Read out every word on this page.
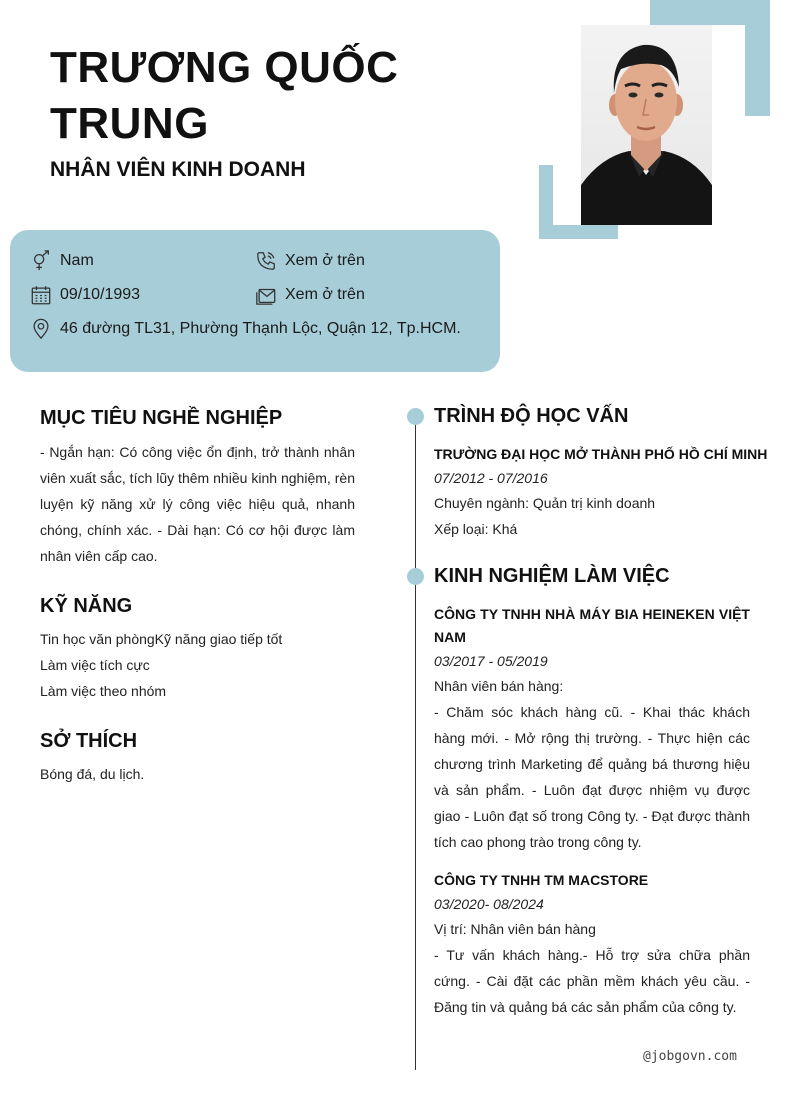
TRƯƠNG QUỐC TRUNG
NHÂN VIÊN KINH DOANH
Nam
09/10/1993
46 đường TL31, Phường Thạnh Lộc, Quận 12, Tp.HCM.
Xem ở trên
Xem ở trên
MỤC TIÊU NGHỀ NGHIỆP
- Ngắn hạn: Có công việc ổn định, trở thành nhân viên xuất sắc, tích lũy thêm nhiều kinh nghiệm, rèn luyện kỹ năng xử lý công việc hiệu quả, nhanh chóng, chính xác. - Dài hạn: Có cơ hội được làm nhân viên cấp cao.
KỸ NĂNG
Tin học văn phòngKỹ năng giao tiếp tốt
Làm việc tích cực
Làm việc theo nhóm
SỞ THÍCH
Bóng đá, du lịch.
TRÌNH ĐỘ HỌC VẤN
TRƯỜNG ĐẠI HỌC MỞ THÀNH PHỐ HỒ CHÍ MINH
07/2012 - 07/2016
Chuyên ngành: Quản trị kinh doanh
Xếp loại: Khá
KINH NGHIỆM LÀM VIỆC
CÔNG TY TNHH NHÀ MÁY BIA HEINEKEN VIỆT NAM
03/2017 - 05/2019
Nhân viên bán hàng:
- Chăm sóc khách hàng cũ. - Khai thác khách hàng mới. - Mở rộng thị trường. - Thực hiện các chương trình Marketing để quảng bá thương hiệu và sản phẩm. - Luôn đạt được nhiệm vụ được giao - Luôn đạt số trong Công ty. - Đạt được thành tích cao phong trào trong công ty.
CÔNG TY TNHH TM MACSTORE
03/2020- 08/2024
Vị trí: Nhân viên bán hàng
- Tư vấn khách hàng.- Hỗ trợ sửa chữa phần cứng. - Cài đặt các phần mềm khách yêu cầu. - Đăng tin và quảng bá các sản phẩm của công ty.
@jobgovn.com
